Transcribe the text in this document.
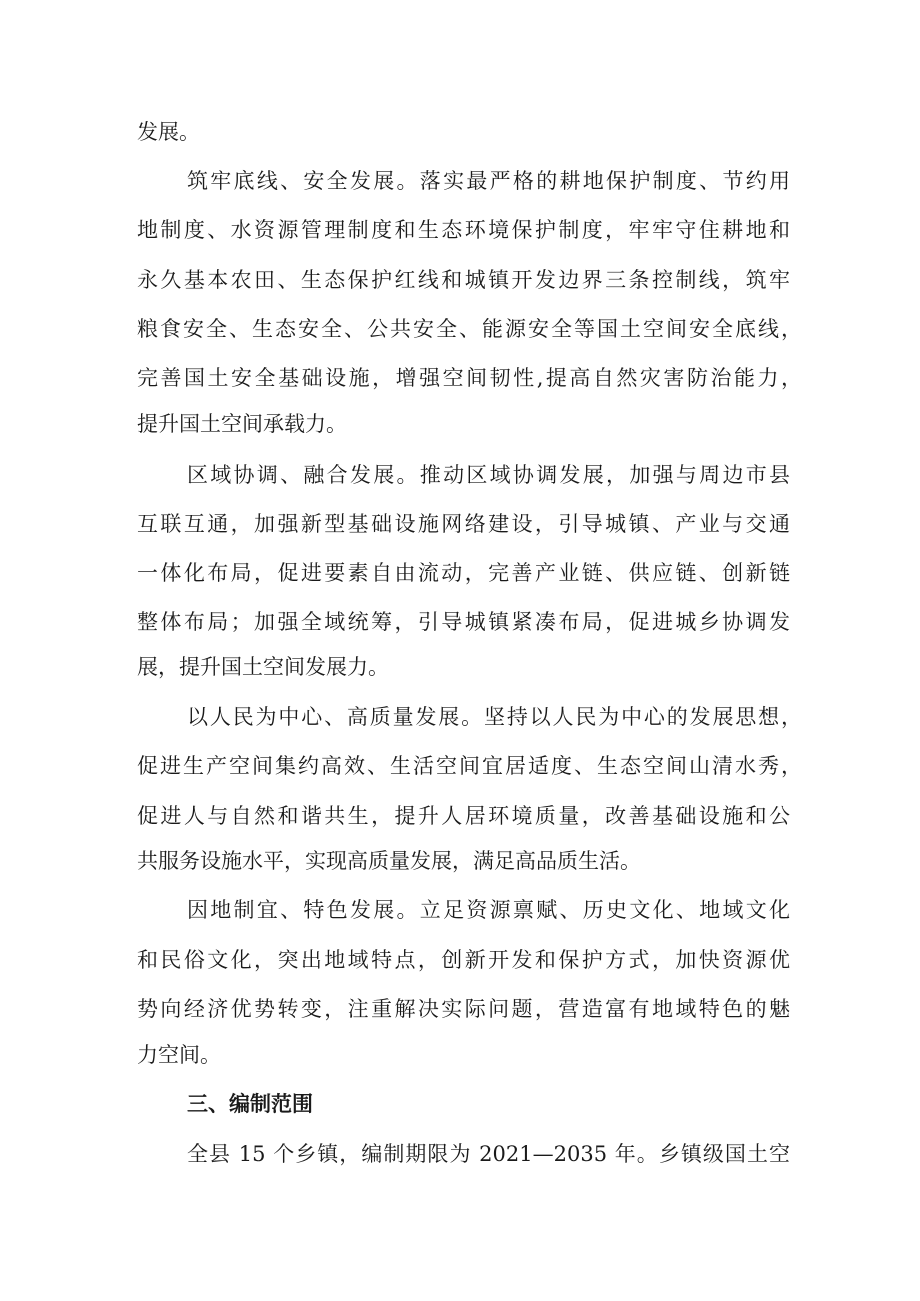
发展。
筑牢底线、安全发展。落实最严格的耕地保护制度、节约用
地制度、水资源管理制度和生态环境保护制度，牢牢守住耕地和
永久基本农田、生态保护红线和城镇开发边界三条控制线，筑牢
粮食安全、生态安全、公共安全、能源安全等国土空间安全底线，
完善国土安全基础设施，增强空间韧性,提高自然灾害防治能力，
提升国土空间承载力。
区域协调、融合发展。推动区域协调发展，加强与周边市县
互联互通，加强新型基础设施网络建设，引导城镇、产业与交通
一体化布局，促进要素自由流动，完善产业链、供应链、创新链
整体布局；加强全域统筹，引导城镇紧凑布局，促进城乡协调发
展，提升国土空间发展力。
以人民为中心、高质量发展。坚持以人民为中心的发展思想，
促进生产空间集约高效、生活空间宜居适度、生态空间山清水秀，
促进人与自然和谐共生，提升人居环境质量，改善基础设施和公
共服务设施水平，实现高质量发展，满足高品质生活。
因地制宜、特色发展。立足资源禀赋、历史文化、地域文化
和民俗文化，突出地域特点，创新开发和保护方式，加快资源优
势向经济优势转变，注重解决实际问题，营造富有地域特色的魅
力空间。
三、编制范围
全县 15 个乡镇，编制期限为 2021—2035 年。乡镇级国土空
